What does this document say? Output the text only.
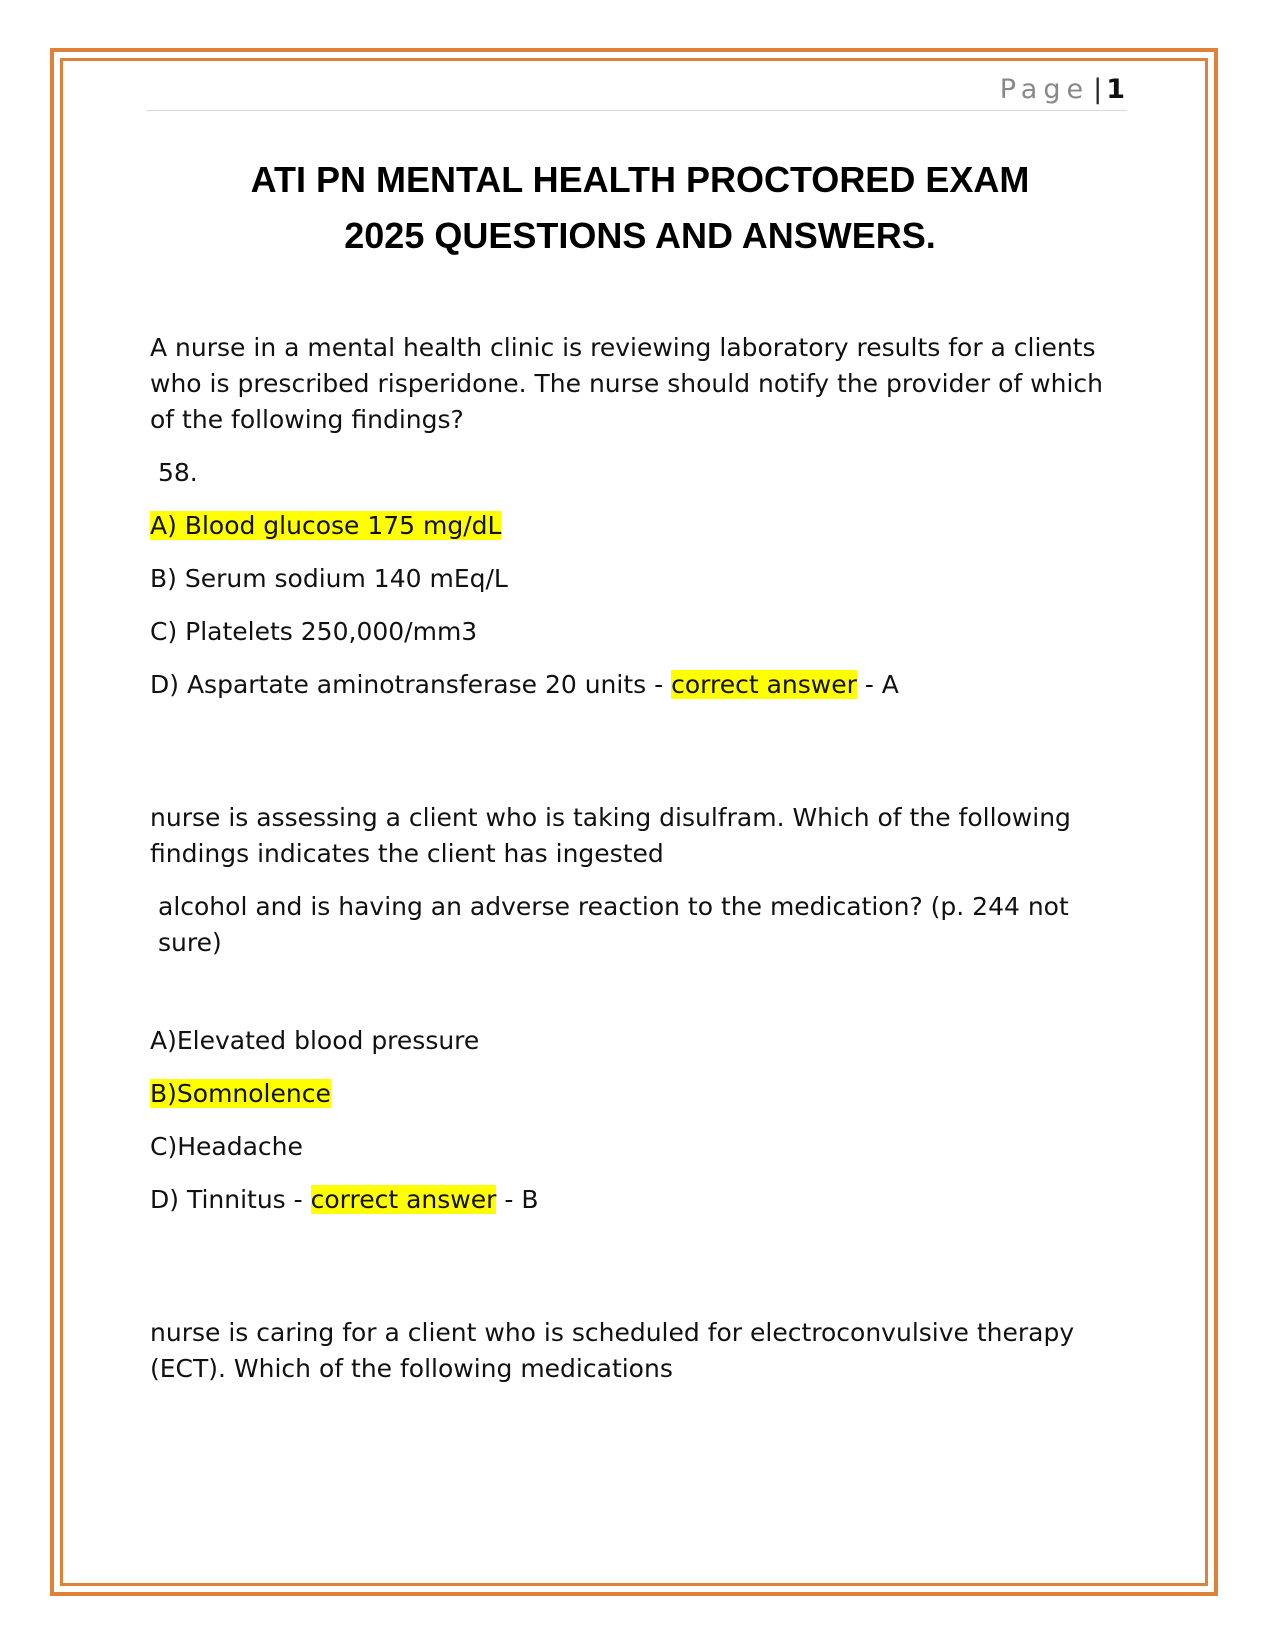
Page | 1
ATI PN MENTAL HEALTH PROCTORED EXAM
2025 QUESTIONS AND ANSWERS.

A nurse in a mental health clinic is reviewing laboratory results for a clients who is prescribed risperidone. The nurse should notify the provider of which of the following findings?

58.

A) Blood glucose 175 mg/dL

B) Serum sodium 140 mEq/L

C) Platelets 250,000/mm3

D) Aspartate aminotransferase 20 units - correct answer - A

nurse is assessing a client who is taking disulfram. Which of the following findings indicates the client has ingested

alcohol and is having an adverse reaction to the medication? (p. 244 not sure)

A)Elevated blood pressure

B)Somnolence

C)Headache

D) Tinnitus - correct answer - B

nurse is caring for a client who is scheduled for electroconvulsive therapy (ECT). Which of the following medications
